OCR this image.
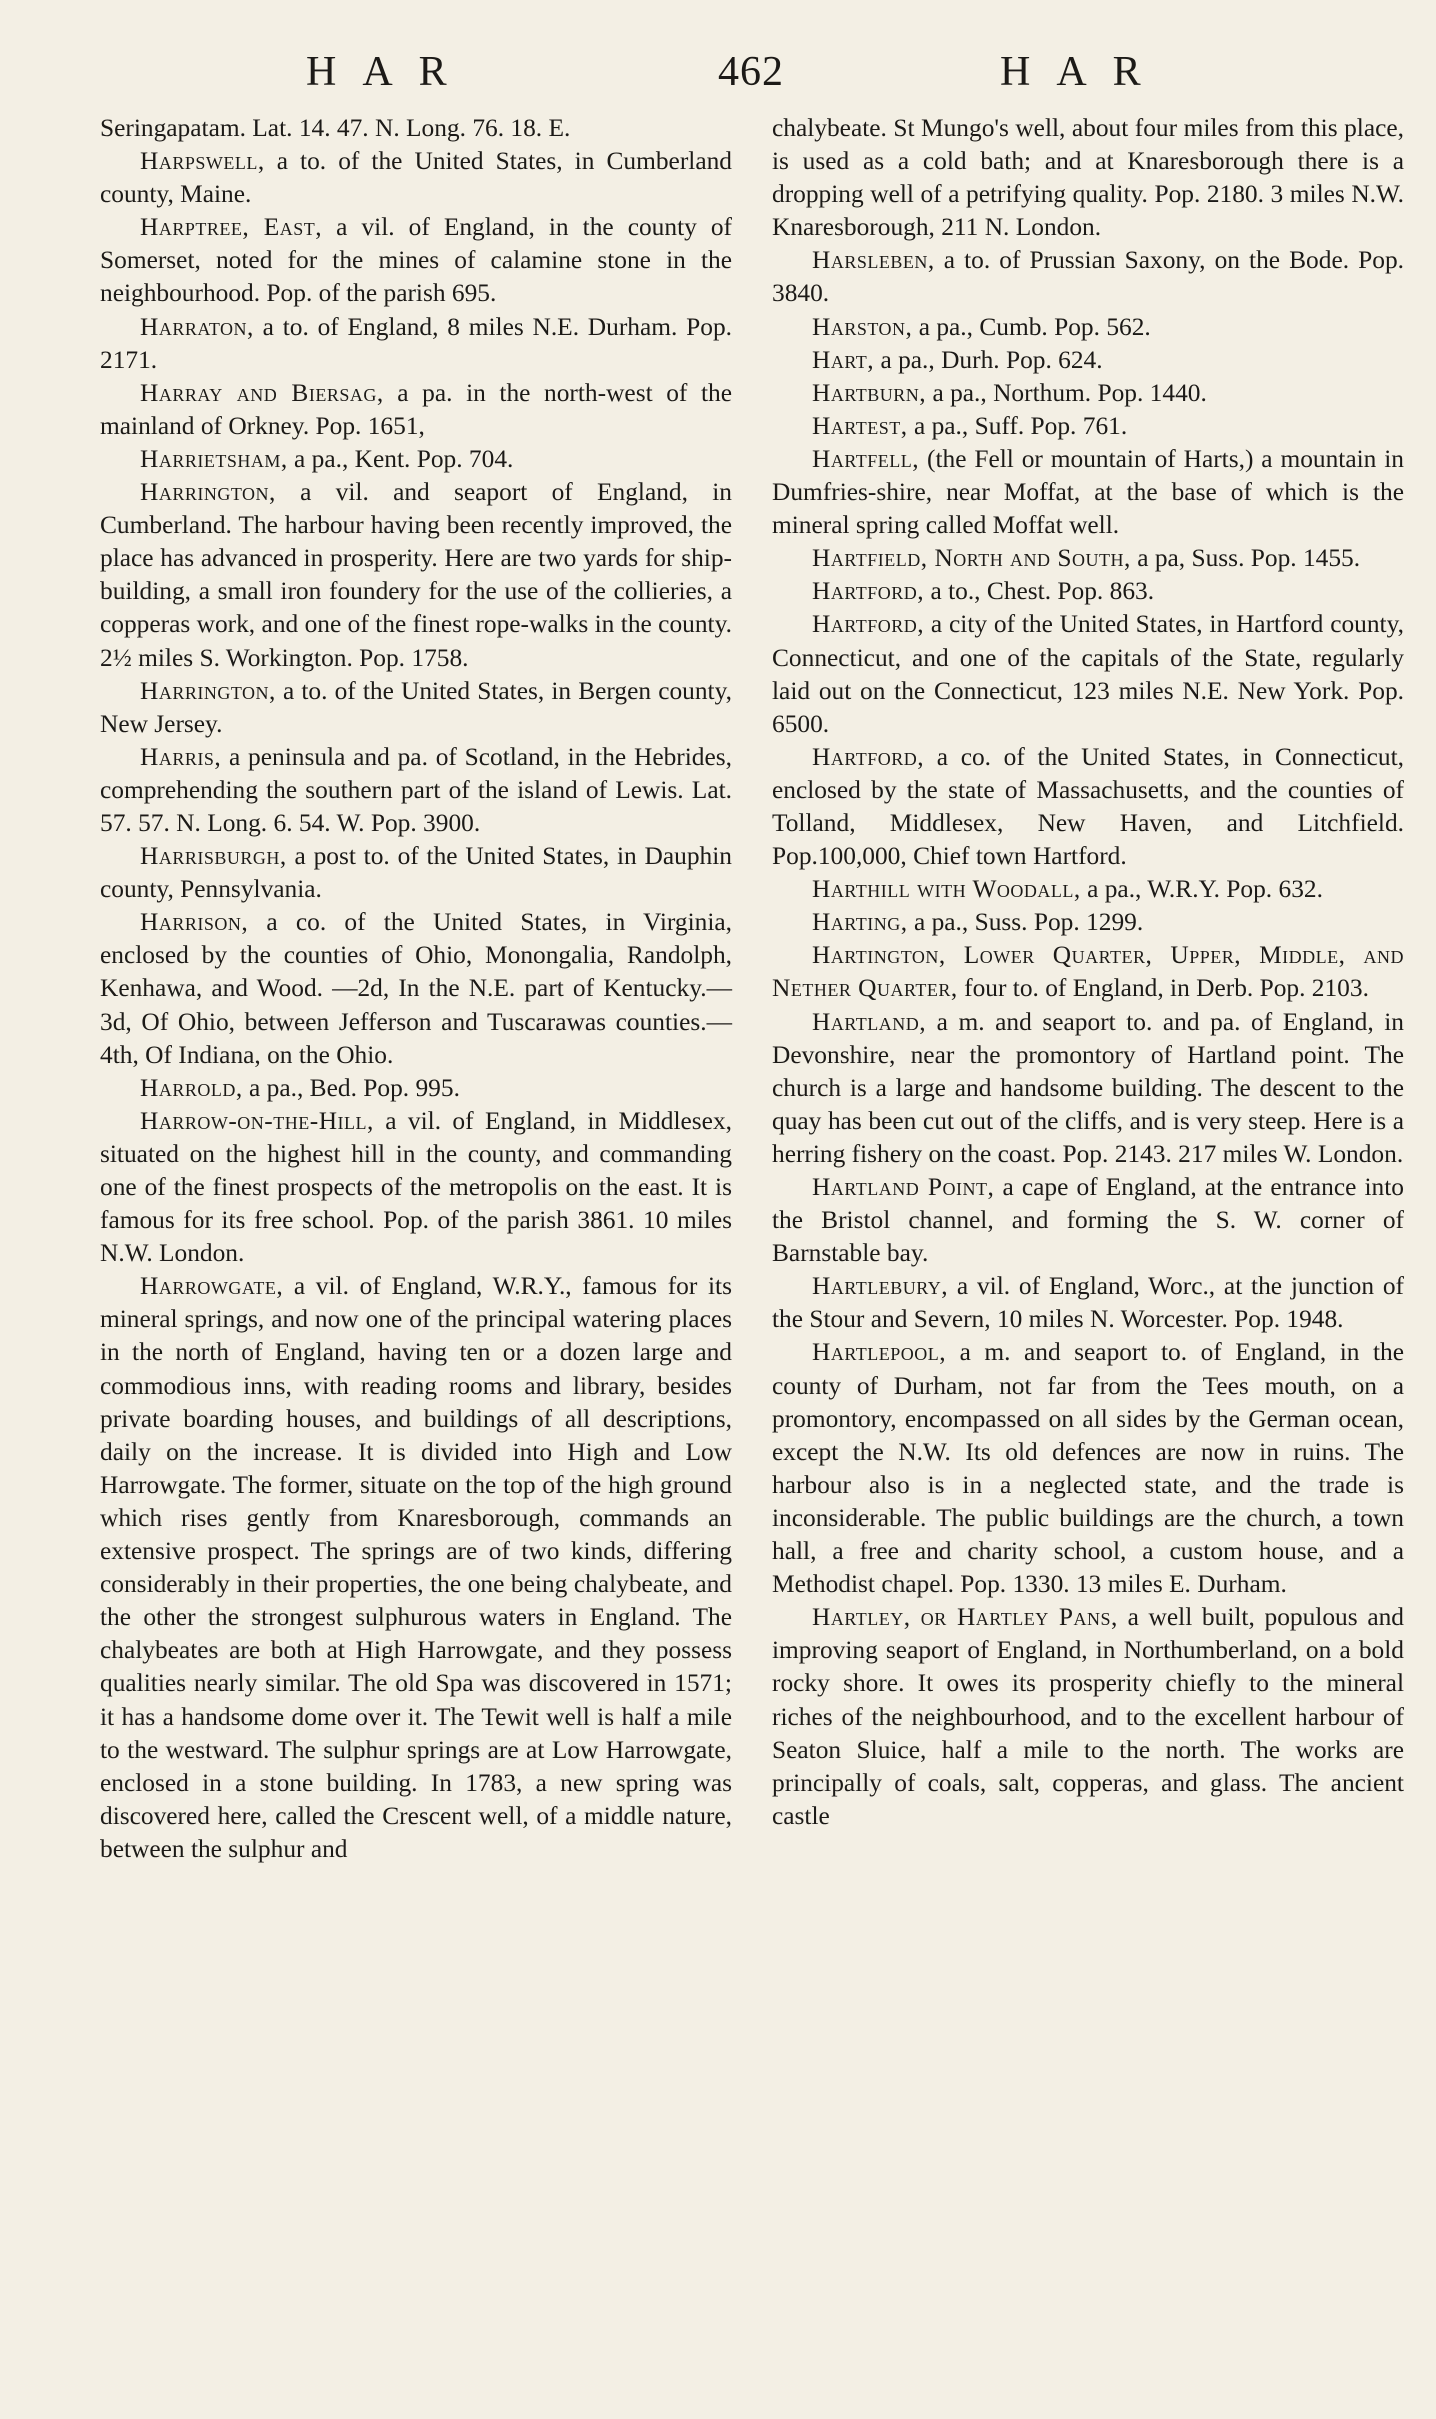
HAR	462	HAR

Seringapatam. Lat. 14. 47. N. Long. 76. 18. E.

Harpswell, a to. of the United States, in Cumberland county, Maine.

Harptree, East, a vil. of England, in the county of Somerset, noted for the mines of calamine stone in the neighbourhood. Pop. of the parish 695.

Harraton, a to. of England, 8 miles N.E. Durham. Pop. 2171.

Harray and Biersag, a pa. in the north-west of the mainland of Orkney. Pop. 1651,

Harrietsham, a pa., Kent. Pop. 704.

Harrington, a vil. and seaport of England, in Cumberland. The harbour having been recently improved, the place has advanced in prosperity. Here are two yards for ship-building, a small iron foundery for the use of the collieries, a copperas work, and one of the finest rope-walks in the county. 2½ miles S. Workington. Pop. 1758.

Harrington, a to. of the United States, in Bergen county, New Jersey.

Harris, a peninsula and pa. of Scotland, in the Hebrides, comprehending the southern part of the island of Lewis. Lat. 57. 57. N. Long. 6. 54. W. Pop. 3900.

Harrisburgh, a post to. of the United States, in Dauphin county, Pennsylvania.

Harrison, a co. of the United States, in Virginia, enclosed by the counties of Ohio, Monongalia, Randolph, Kenhawa, and Wood. —2d, In the N.E. part of Kentucky.—3d, Of Ohio, between Jefferson and Tuscarawas counties.—4th, Of Indiana, on the Ohio.

Harrold, a pa., Bed. Pop. 995.

Harrow-on-the-Hill, a vil. of England, in Middlesex, situated on the highest hill in the county, and commanding one of the finest prospects of the metropolis on the east. It is famous for its free school. Pop. of the parish 3861. 10 miles N.W. London.

Harrowgate, a vil. of England, W.R.Y., famous for its mineral springs, and now one of the principal watering places in the north of England, having ten or a dozen large and commodious inns, with reading rooms and library, besides private boarding houses, and buildings of all descriptions, daily on the increase. It is divided into High and Low Harrowgate. The former, situate on the top of the high ground which rises gently from Knaresborough, commands an extensive prospect. The springs are of two kinds, differing considerably in their properties, the one being chalybeate, and the other the strongest sulphurous waters in England. The chalybeates are both at High Harrowgate, and they possess qualities nearly similar. The old Spa was discovered in 1571; it has a handsome dome over it. The Tewit well is half a mile to the westward. The sulphur springs are at Low Harrowgate, enclosed in a stone building. In 1783, a new spring was discovered here, called the Crescent well, of a middle nature, between the sulphur and

chalybeate. St Mungo's well, about four miles from this place, is used as a cold bath; and at Knaresborough there is a dropping well of a petrifying quality. Pop. 2180. 3 miles N.W. Knaresborough, 211 N. London.

Harsleben, a to. of Prussian Saxony, on the Bode. Pop. 3840.

Harston, a pa., Cumb. Pop. 562.

Hart, a pa., Durh. Pop. 624.

Hartburn, a pa., Northum. Pop. 1440.

Hartest, a pa., Suff. Pop. 761.

Hartfell, (the Fell or mountain of Harts,) a mountain in Dumfries-shire, near Moffat, at the base of which is the mineral spring called Moffat well.

Hartfield, North and South, a pa, Suss. Pop. 1455.

Hartford, a to., Chest. Pop. 863.

Hartford, a city of the United States, in Hartford county, Connecticut, and one of the capitals of the State, regularly laid out on the Connecticut, 123 miles N.E. New York. Pop. 6500.

Hartford, a co. of the United States, in Connecticut, enclosed by the state of Massachusetts, and the counties of Tolland, Middlesex, New Haven, and Litchfield. Pop.100,000, Chief town Hartford.

Harthill with Woodall, a pa., W.R.Y. Pop. 632.

Harting, a pa., Suss. Pop. 1299.

Hartington, Lower Quarter, Upper, Middle, and Nether Quarter, four to. of England, in Derb. Pop. 2103.

Hartland, a m. and seaport to. and pa. of England, in Devonshire, near the promontory of Hartland point. The church is a large and handsome building. The descent to the quay has been cut out of the cliffs, and is very steep. Here is a herring fishery on the coast. Pop. 2143. 217 miles W. London.

Hartland Point, a cape of England, at the entrance into the Bristol channel, and forming the S. W. corner of Barnstable bay.

Hartlebury, a vil. of England, Worc., at the junction of the Stour and Severn, 10 miles N. Worcester. Pop. 1948.

Hartlepool, a m. and seaport to. of England, in the county of Durham, not far from the Tees mouth, on a promontory, encompassed on all sides by the German ocean, except the N.W. Its old defences are now in ruins. The harbour also is in a neglected state, and the trade is inconsiderable. The public buildings are the church, a town hall, a free and charity school, a custom house, and a Methodist chapel. Pop. 1330. 13 miles E. Durham.

Hartley, or Hartley Pans, a well built, populous and improving seaport of England, in Northumberland, on a bold rocky shore. It owes its prosperity chiefly to the mineral riches of the neighbourhood, and to the excellent harbour of Seaton Sluice, half a mile to the north. The works are principally of coals, salt, copperas, and glass. The ancient castle
